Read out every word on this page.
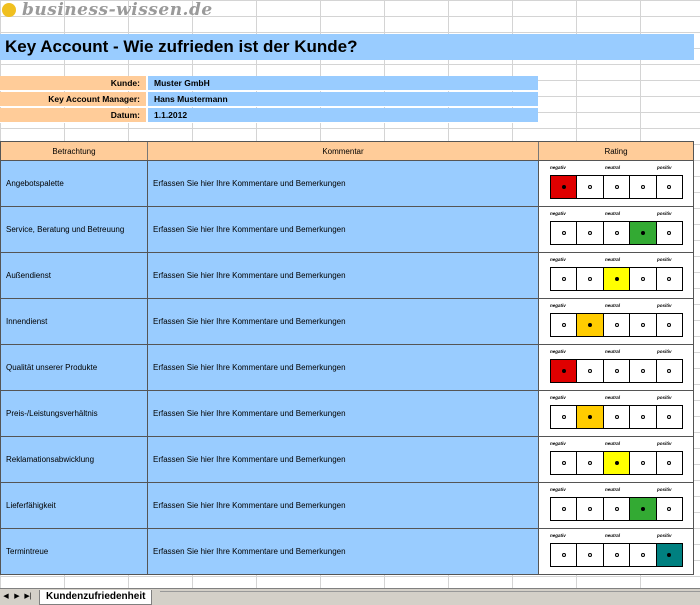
business-wissen.de
Key Account - Wie zufrieden ist der Kunde?
Kunde:	Muster GmbH
Key Account Manager:	Hans Mustermann
Datum:	1.1.2012
Betrachtung	Kommentar	Rating
Angebotspalette	Erfassen Sie hier Ihre Kommentare und Bemerkungen
negativ	neutral	positiv
Service, Beratung und Betreuung	Erfassen Sie hier Ihre Kommentare und Bemerkungen
negativ	neutral	positiv
Außendienst	Erfassen Sie hier Ihre Kommentare und Bemerkungen
negativ	neutral	positiv
Innendienst	Erfassen Sie hier Ihre Kommentare und Bemerkungen
negativ	neutral	positiv
Qualität unserer Produkte	Erfassen Sie hier Ihre Kommentare und Bemerkungen
negativ	neutral	positiv
Preis-/Leistungsverhältnis	Erfassen Sie hier Ihre Kommentare und Bemerkungen
negativ	neutral	positiv
Reklamationsabwicklung	Erfassen Sie hier Ihre Kommentare und Bemerkungen
negativ	neutral	positiv
Lieferfähigkeit	Erfassen Sie hier Ihre Kommentare und Bemerkungen
negativ	neutral	positiv
Termintreue	Erfassen Sie hier Ihre Kommentare und Bemerkungen
negativ	neutral	positiv
◀ ▶ ▶|	Kundenzufriedenheit
